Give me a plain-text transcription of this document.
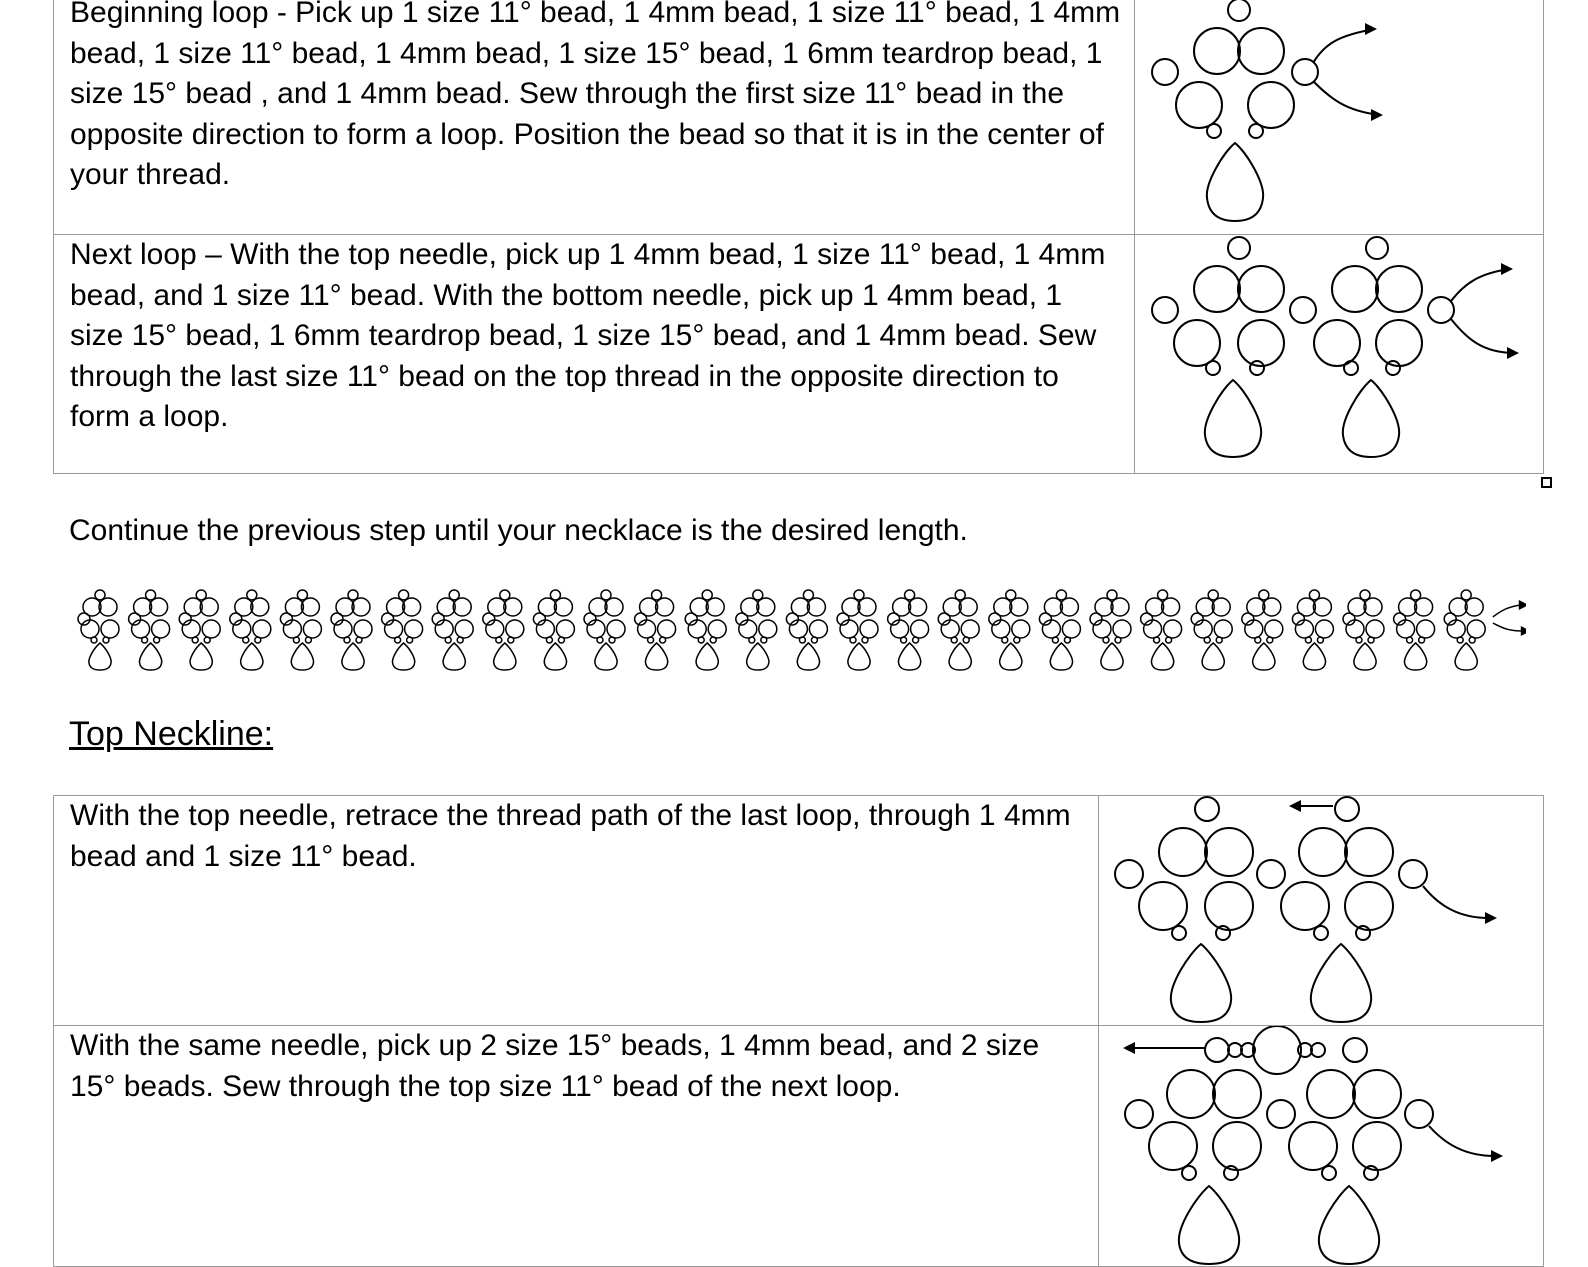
Beginning loop - Pick up 1 size 11° bead, 1 4mm bead, 1 size 11° bead, 1 4mm bead, 1 size 11° bead, 1 4mm bead, 1 size 15° bead, 1 6mm teardrop bead, 1 size 15° bead , and 1 4mm bead. Sew through the first size 11° bead in the opposite direction to form a loop. Position the bead so that it is in the center of your thread.

Next loop – With the top needle, pick up 1 4mm bead, 1 size 11° bead, 1 4mm bead, and 1 size 11° bead. With the bottom needle, pick up 1 4mm bead, 1 size 15° bead, 1 6mm teardrop bead, 1 size 15° bead, and 1 4mm bead. Sew through the last size 11° bead on the top thread in the opposite direction to form a loop.

Continue the previous step until your necklace is the desired length.
Top Neckline:
With the top needle, retrace the thread path of the last loop, through 1 4mm bead and 1 size 11° bead.

With the same needle, pick up 2 size 15° beads, 1 4mm bead, and 2 size 15° beads. Sew through the top size 11° bead of the next loop.
